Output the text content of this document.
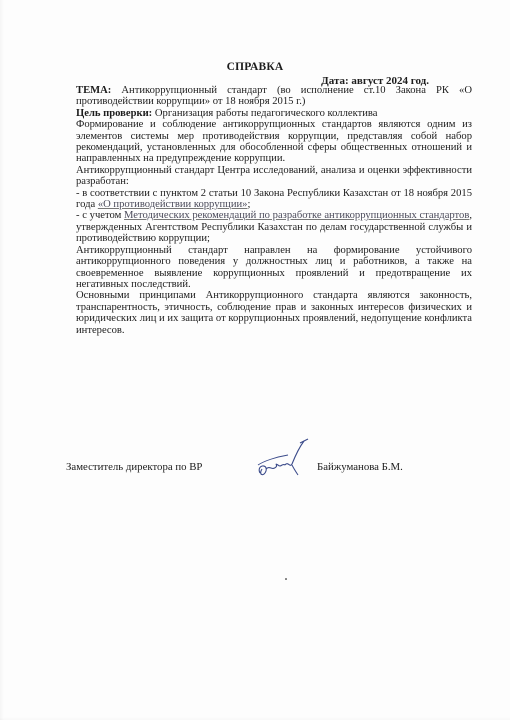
СПРАВКА
Дата: август 2024 год.

ТЕМА: Антикоррупционный стандарт (во исполнение ст.10 Закона РК «О противодействии коррупции» от 18 ноября 2015 г.)

Цель проверки: Организация работы педагогического коллектива

Формирование и соблюдение антикоррупционных стандартов являются одним из элементов системы мер противодействия коррупции, представляя собой набор рекомендаций, установленных для обособленной сферы общественных отношений и направленных на предупреждение коррупции.

Антикоррупционный стандарт Центра исследований, анализа и оценки эффективности разработан:

- в соответствии с пунктом 2 статьи 10 Закона Республики Казахстан от 18 ноября 2015 года «О противодействии коррупции»;

- с учетом Методических рекомендаций по разработке антикоррупционных стандартов, утвержденных Агентством Республики Казахстан по делам государственной службы и противодействию коррупции;

Антикоррупционный стандарт направлен на формирование устойчивого антикоррупционного поведения у должностных лиц и работников, а также на своевременное выявление коррупционных проявлений и предотвращение их негативных последствий.

Основными принципами Антикоррупционного стандарта являются законность, транспарентность, этичность, соблюдение прав и законных интересов физических и юридических лиц и их защита от коррупционных проявлений, недопущение конфликта интересов.

Заместитель директора по ВР	Байжуманова Б.М.
